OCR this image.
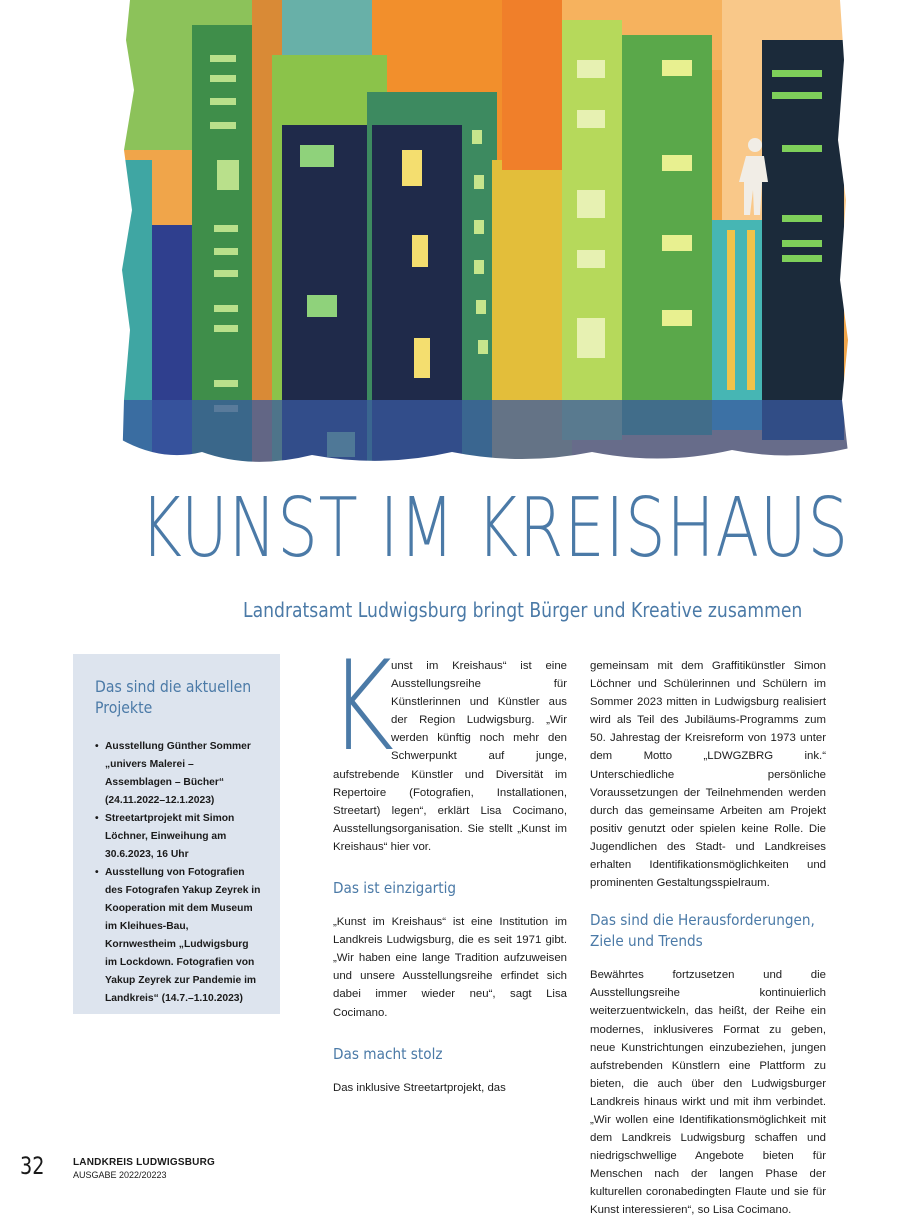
KUNST IM KREISHAUS
Landratsamt Ludwigsburg bringt Bürger und Kreative zusammen
Das sind die aktuellen
Projekte
• Ausstellung Günther Sommer „univers Malerei – Assemblagen – Bücher“ (24.11.2022–12.1.2023)
• Streetartprojekt mit Simon Löchner, Einweihung am 30.6.2023, 16 Uhr
• Ausstellung von Fotografien des Fotografen Yakup Zeyrek in Kooperation mit dem Museum im Kleihues-Bau, Kornwestheim „Ludwigsburg im Lockdown. Fotografien von Yakup Zeyrek zur Pandemie im Landkreis“ (14.7.–1.10.2023)
K

unst im Kreishaus“ ist eine Ausstellungsreihe für Künstlerinnen und Künstler aus der Region Ludwigsburg. „Wir werden künftig noch mehr den Schwerpunkt auf junge, aufstrebende Künstler und Diversität im Repertoire (Fotografien, Installationen, Streetart) legen“, erklärt Lisa Cocimano, Ausstellungsorganisation. Sie stellt „Kunst im Kreishaus“ hier vor.

Das ist einzigartig

„Kunst im Kreishaus“ ist eine Institution im Landkreis Ludwigsburg, die es seit 1971 gibt. „Wir haben eine lange Tradition aufzuweisen und unsere Ausstellungsreihe erfindet sich dabei immer wieder neu“, sagt Lisa Cocimano.

Das macht stolz

Das inklusive Streetartprojekt, das

gemeinsam mit dem Graffitikünstler Simon Löchner und Schülerinnen und Schülern im Sommer 2023 mitten in Ludwigsburg realisiert wird als Teil des Jubiläums-Programms zum 50. Jahrestag der Kreisreform von 1973 unter dem Motto „LDWGZBRG ink.“ Unterschiedliche persönliche Voraussetzungen der Teilnehmenden werden durch das gemeinsame Arbeiten am Projekt positiv genutzt oder spielen keine Rolle. Die Jugendlichen des Stadt- und Landkreises erhalten Identifikationsmöglichkeiten und prominenten Gestaltungsspielraum.

Das sind die Herausforderungen,
Ziele und Trends

Bewährtes fortzusetzen und die Ausstellungsreihe kontinuierlich weiterzuentwickeln, das heißt, der Reihe ein modernes, inklusiveres Format zu geben, neue Kunstrichtungen einzubeziehen, jungen aufstrebenden Künstlern eine Plattform zu bieten, die auch über den Ludwigsburger Landkreis hinaus wirkt und mit ihm verbindet. „Wir wollen eine Identifikationsmöglichkeit mit dem Landkreis Ludwigsburg schaffen und niedrigschwellige Angebote bieten für Menschen nach der langen Phase der kulturellen coronabedingten Flaute und sie für Kunst interessieren“, so Lisa Cocimano.

32	LANDKREIS LUDWIGSBURG
AUSGABE 2022/20223
